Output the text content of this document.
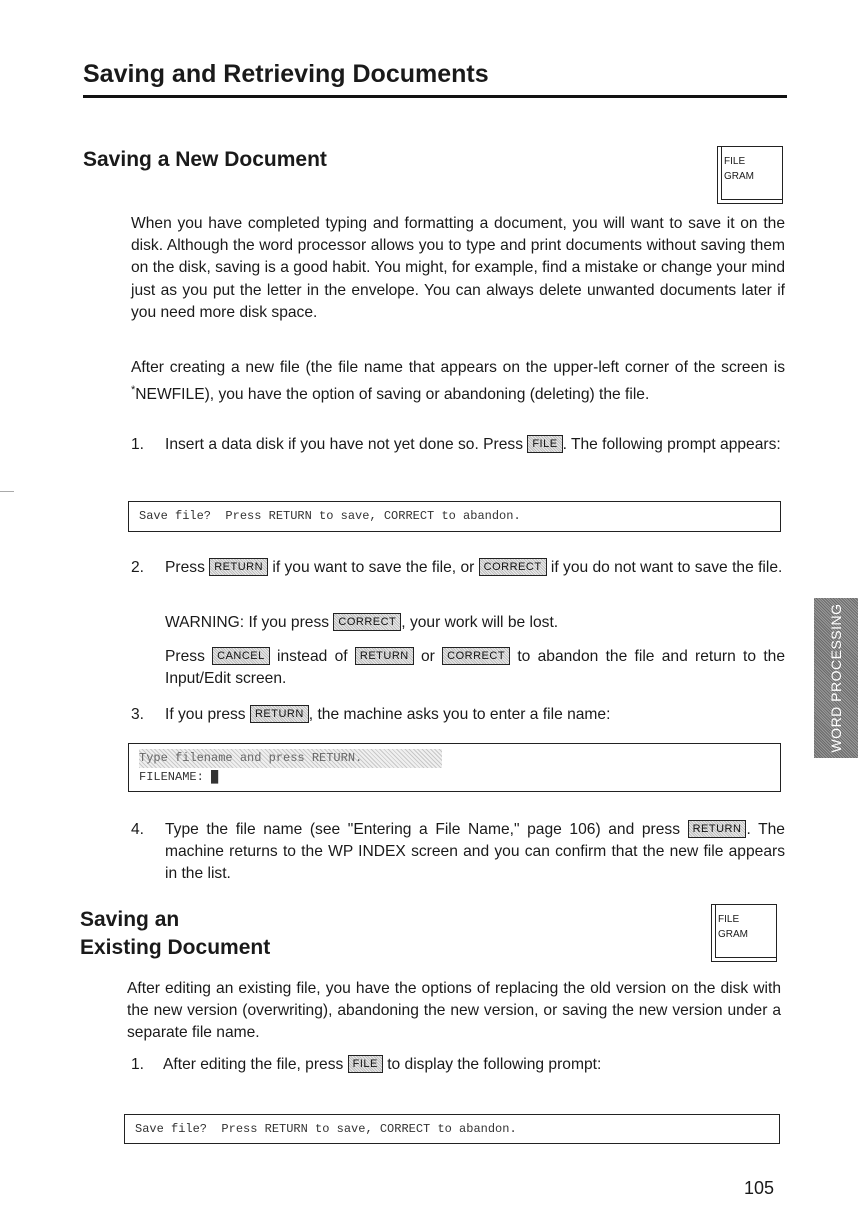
Saving and Retrieving Documents
Saving a New Document	FILE
GRAM

When you have completed typing and formatting a document, you will want to save it on the disk. Although the word processor allows you to type and print documents without saving them on the disk, saving is a good habit. You might, for example, find a mistake or change your mind just as you put the letter in the envelope. You can always delete unwanted documents later if you need more disk space.

After creating a new file (the file name that appears on the upper-left corner of the screen is *NEWFILE), you have the option of saving or abandoning (deleting) the file.

1. Insert a data disk if you have not yet done so. Press FILE . The following prompt appears:

Save file?  Press RETURN to save, CORRECT to abandon.
2. Press RETURN if you want to save the file, or CORRECT if you do not want to save the file.

WARNING: If you press CORRECT , your work will be lost.

Press CANCEL instead of RETURN or CORRECT to abandon the file and return to the Input/Edit screen.

3. If you press RETURN , the machine asks you to enter a file name:

Type filename and press RETURN.
FILENAME: █
4. Type the file name (see "Entering a File Name," page 106) and press RETURN . The machine returns to the WP INDEX screen and you can confirm that the new file appears in the list.

Saving an
Existing Document
FILE
GRAM

After editing an existing file, you have the options of replacing the old version on the disk with the new version (overwriting), abandoning the new version, or saving the new version under a separate file name.

1. After editing the file, press FILE to display the following prompt:

Save file?  Press RETURN to save, CORRECT to abandon.
WORD PROCESSING
105
